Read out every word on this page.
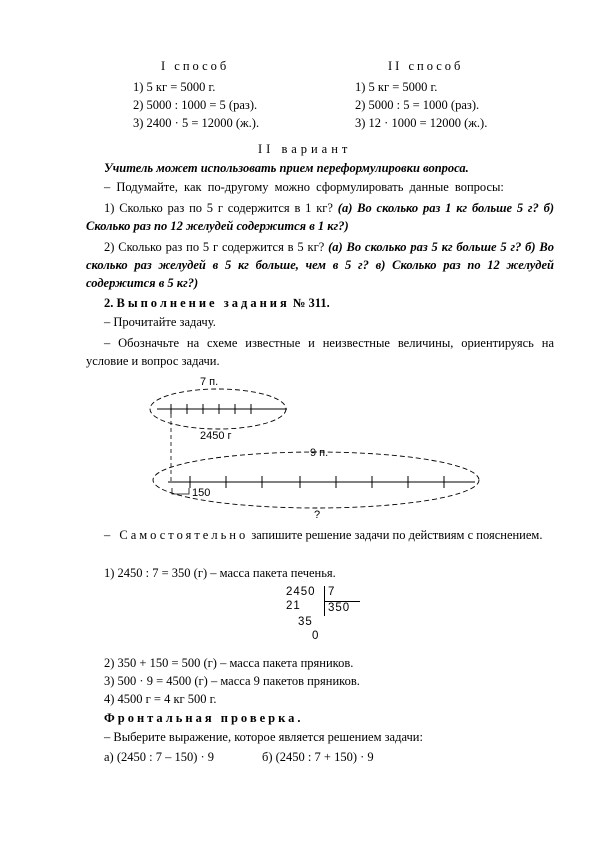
I способ
1) 5 кг = 5000 г.
2) 5000 : 1000 = 5 (раз).
3) 2400 · 5 = 12000 (ж.).
II способ
1) 5 кг = 5000 г.
2) 5000 : 5 = 1000 (раз).
3) 12 · 1000 = 12000 (ж.).
II вариант
Учитель может использовать прием переформулировки вопроса.
– Подумайте, как по-другому можно сформулировать данные вопросы:
1) Сколько раз по 5 г содержится в 1 кг? (а) Во сколько раз 1 кг больше 5 г? б) Сколько раз по 12 желудей содержится в 1 кг?)
2) Сколько раз по 5 г содержится в 5 кг? (а) Во сколько раз 5 кг больше 5 г? б) Во сколько раз желудей в 5 кг больше, чем в 5 г? в) Сколько раз по 12 желудей содержится в 5 кг?)
2. Выполнение задания № 311.
– Прочитайте задачу.
– Обозначьте на схеме известные и неизвестные величины, ориентируясь на условие и вопрос задачи.
7 п.
2450 г
9 п.
150
?
– Самостоятельно запишите решение задачи по действиям с пояснением.
1) 2450 : 7 = 350 (г) – масса пакета печенья.
2450 7
21 350
35
0
2) 350 + 150 = 500 (г) – масса пакета пряников.
3) 500 · 9 = 4500 (г) – масса 9 пакетов пряников.
4) 4500 г = 4 кг 500 г.
Фронтальная проверка.
– Выберите выражение, которое является решением задачи:
а) (2450 : 7 – 150) · 9	б) (2450 : 7 + 150) · 9
